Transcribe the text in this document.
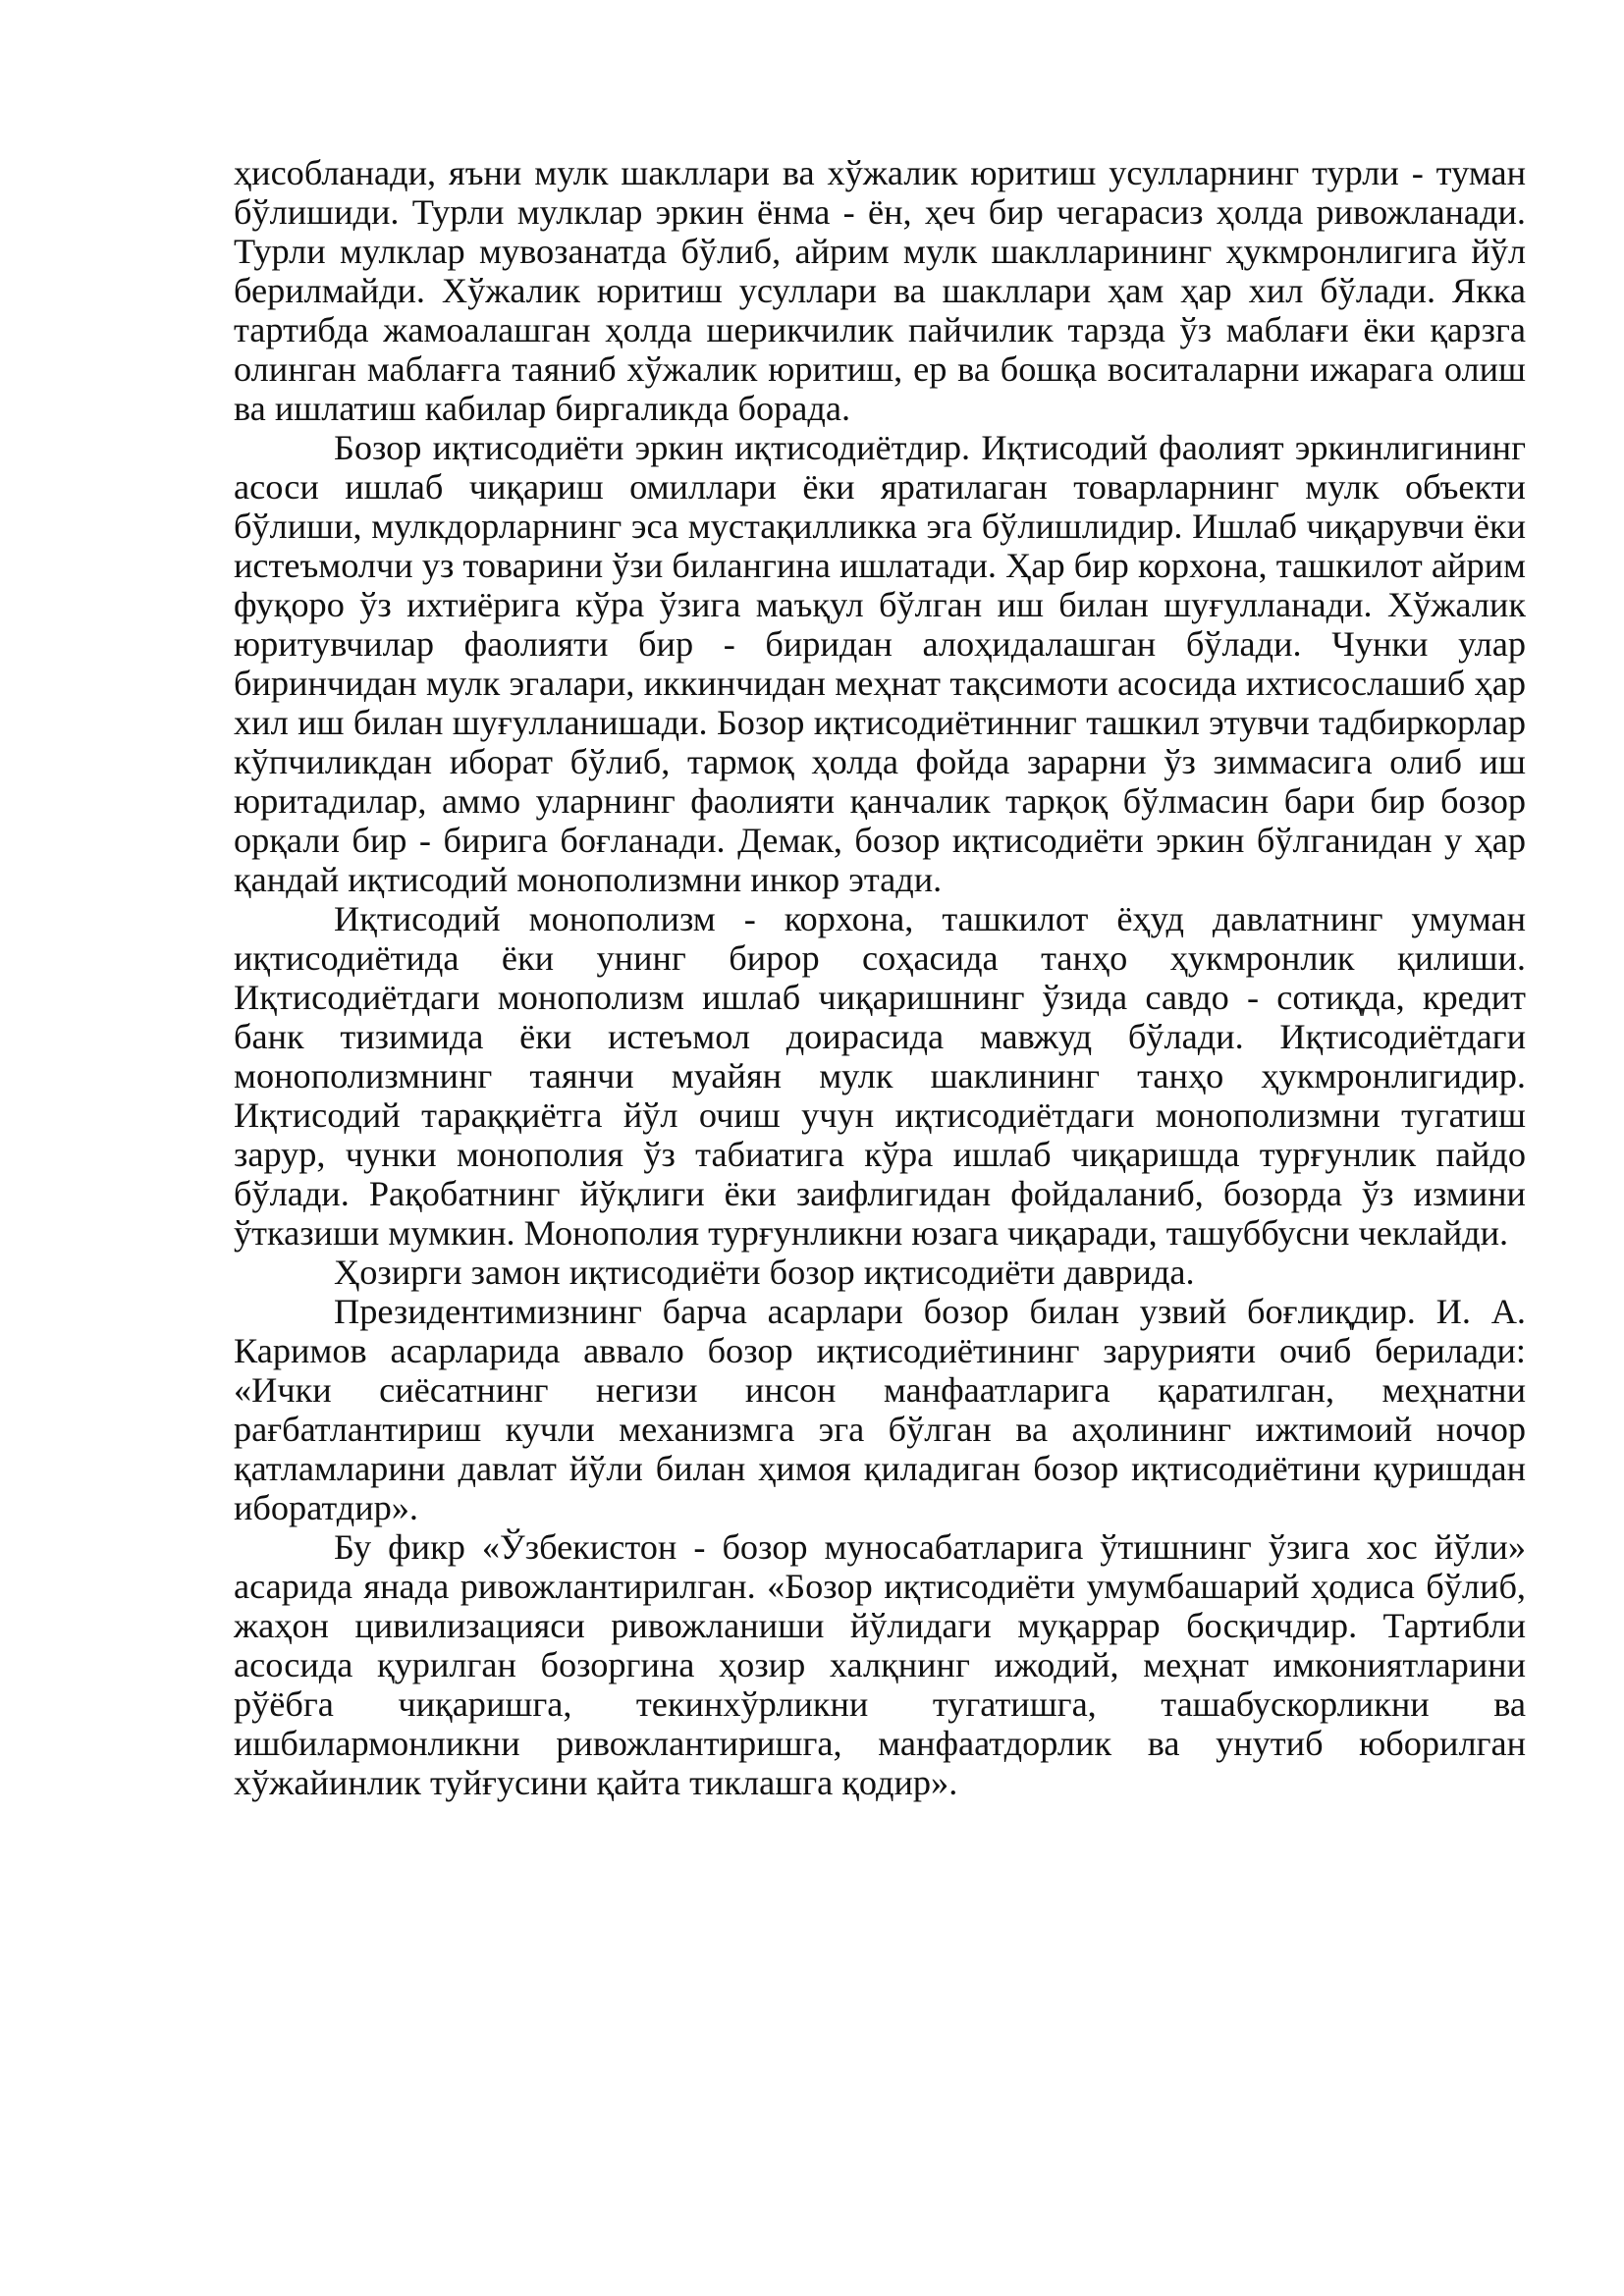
ҳисобланади, яъни мулк шакллари ва хўжалик юритиш усулларнинг турли - туман бўлишиди. Турли мулклар эркин ёнма - ён, ҳеч бир чегарасиз ҳолда ривожланади. Турли мулклар мувозанатда бўлиб, айрим мулк шаклларининг ҳукмронлигига йўл берилмайди. Хўжалик юритиш усуллари ва шакллари ҳам ҳар хил бўлади. Якка тартибда жамоалашган ҳолда шерикчилик пайчилик тарзда ўз маблағи ёки қарзга олинган маблағга таяниб хўжалик юритиш, ер ва бошқа воситаларни ижарага олиш ва ишлатиш кабилар биргаликда борада.

Бозор иқтисодиёти эркин иқтисодиётдир. Иқтисодий фаолият эркинлигининг асоси ишлаб чиқариш омиллари ёки яратилаган товарларнинг мулк объекти бўлиши, мулкдорларнинг эса мустақилликка эга бўлишлидир. Ишлаб чиқарувчи ёки истеъмолчи уз товарини ўзи билангина ишлатади. Ҳар бир корхона, ташкилот айрим фуқоро ўз ихтиёрига кўра ўзига маъқул бўлган иш билан шуғулланади. Хўжалик юритувчилар фаолияти бир - биридан алоҳидалашган бўлади. Чунки улар биринчидан мулк эгалари, иккинчидан меҳнат тақсимоти асосида ихтисослашиб ҳар хил иш билан шуғулланишади. Бозор иқтисодиётинниг ташкил этувчи тадбиркорлар кўпчиликдан иборат бўлиб, тармоқ ҳолда фойда зарарни ўз зиммасига олиб иш юритадилар, аммо уларнинг фаолияти қанчалик тарқоқ бўлмасин бари бир бозор орқали бир - бирига боғланади. Демак, бозор иқтисодиёти эркин бўлганидан у ҳар қандай иқтисодий монополизмни инкор этади.

Иқтисодий монополизм - корхона, ташкилот ёҳуд давлатнинг умуман иқтисодиётида ёки унинг бирор соҳасида танҳо ҳукмронлик қилиши. Иқтисодиётдаги монополизм ишлаб чиқаришнинг ўзида савдо - сотиқда, кредит банк тизимида ёки истеъмол доирасида мавжуд бўлади. Иқтисодиётдаги монополизмнинг таянчи муайян мулк шаклининг танҳо ҳукмронлигидир. Иқтисодий тараққиётга йўл очиш учун иқтисодиётдаги монополизмни тугатиш зарур, чунки монополия ўз табиатига кўра ишлаб чиқаришда турғунлик пайдо бўлади. Рақобатнинг йўқлиги ёки заифлигидан фойдаланиб, бозорда ўз измини ўтказиши мумкин. Монополия турғунликни юзага чиқаради, ташуббусни чеклайди.

Ҳозирги замон иқтисодиёти бозор иқтисодиёти даврида.

Президентимизнинг барча асарлари бозор билан узвий боғлиқдир. И. А. Каримов асарларида аввало бозор иқтисодиётининг зарурияти очиб берилади: «Ички сиёсатнинг негизи инсон манфаатларига қаратилган, меҳнатни рағбатлантириш кучли механизмга эга бўлган ва аҳолининг ижтимоий ночор қатламларини давлат йўли билан ҳимоя қиладиган бозор иқтисодиётини қуришдан иборатдир».

Бу фикр «Ўзбекистон - бозор муносабатларига ўтишнинг ўзига хос йўли» асарида янада ривожлантирилган. «Бозор иқтисодиёти умумбашарий ҳодиса бўлиб, жаҳон цивилизацияси ривожланиши йўлидаги муқаррар босқичдир. Тартибли асосида қурилган бозоргина ҳозир халқнинг ижодий, меҳнат имкониятларини рўёбга чиқаришга, текинхўрликни тугатишга, ташабускорликни ва ишбилармонликни ривожлантиришга, манфаатдорлик ва унутиб юборилган хўжайинлик туйғусини қайта тиклашга қодир».
